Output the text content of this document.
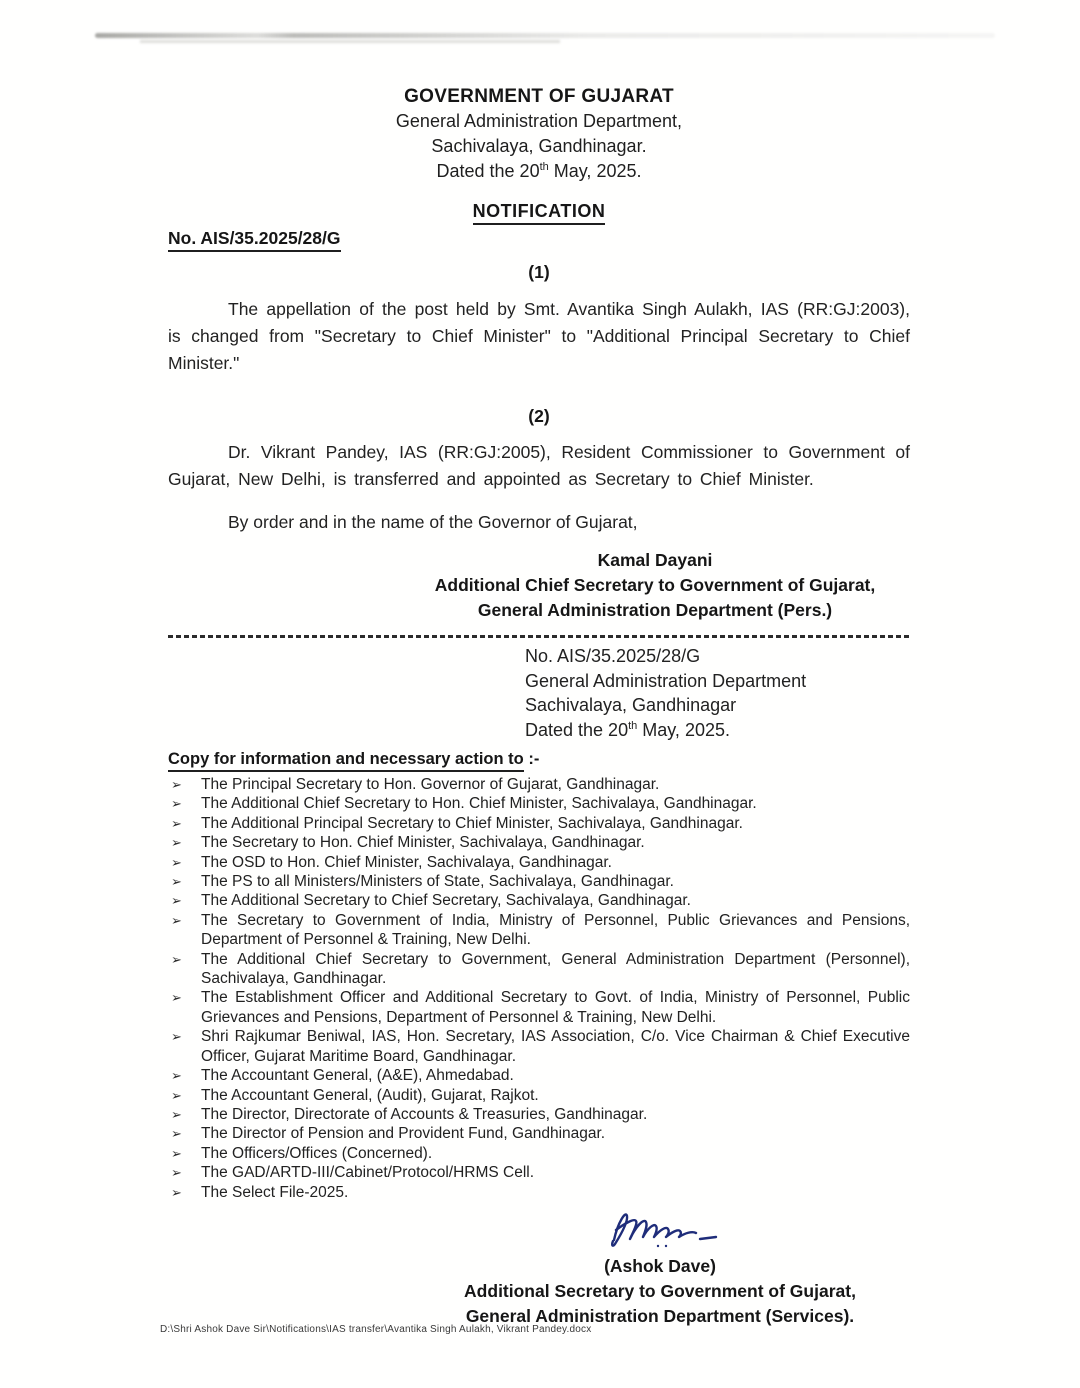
GOVERNMENT OF GUJARAT
General Administration Department,
Sachivalaya, Gandhinagar.
Dated the 20th May, 2025.
NOTIFICATION
No. AIS/35.2025/28/G
(1)

The appellation of the post held by Smt. Avantika Singh Aulakh, IAS (RR:GJ:2003), is changed from "Secretary to Chief Minister" to "Additional Principal Secretary to Chief Minister."

(2)

Dr. Vikrant Pandey, IAS (RR:GJ:2005), Resident Commissioner to Government of Gujarat, New Delhi, is transferred and appointed as Secretary to Chief Minister.

By order and in the name of the Governor of Gujarat,
Kamal Dayani
Additional Chief Secretary to Government of Gujarat,
General Administration Department (Pers.)
No. AIS/35.2025/28/G
General Administration Department
Sachivalaya, Gandhinagar
Dated the 20th May, 2025.
Copy for information and necessary action to :-
➢ The Principal Secretary to Hon. Governor of Gujarat, Gandhinagar.
➢ The Additional Chief Secretary to Hon. Chief Minister, Sachivalaya, Gandhinagar.
➢ The Additional Principal Secretary to Chief Minister, Sachivalaya, Gandhinagar.
➢ The Secretary to Hon. Chief Minister, Sachivalaya, Gandhinagar.
➢ The OSD to Hon. Chief Minister, Sachivalaya, Gandhinagar.
➢ The PS to all Ministers/Ministers of State, Sachivalaya, Gandhinagar.
➢ The Additional Secretary to Chief Secretary, Sachivalaya, Gandhinagar.
➢ The Secretary to Government of India, Ministry of Personnel, Public Grievances and Pensions, Department of Personnel & Training, New Delhi.
➢ The Additional Chief Secretary to Government, General Administration Department (Personnel), Sachivalaya, Gandhinagar.
➢ The Establishment Officer and Additional Secretary to Govt. of India, Ministry of Personnel, Public Grievances and Pensions, Department of Personnel & Training, New Delhi.
➢ Shri Rajkumar Beniwal, IAS, Hon. Secretary, IAS Association, C/o. Vice Chairman & Chief Executive Officer, Gujarat Maritime Board, Gandhinagar.
➢ The Accountant General, (A&E), Ahmedabad.
➢ The Accountant General, (Audit), Gujarat, Rajkot.
➢ The Director, Directorate of Accounts & Treasuries, Gandhinagar.
➢ The Director of Pension and Provident Fund, Gandhinagar.
➢ The Officers/Offices (Concerned).
➢ The GAD/ARTD-III/Cabinet/Protocol/HRMS Cell.
➢ The Select File-2025.
(Ashok Dave)
Additional Secretary to Government of Gujarat,
General Administration Department (Services).
D:\Shri Ashok Dave Sir\Notifications\IAS transfer\Avantika Singh Aulakh, Vikrant Pandey.docx
